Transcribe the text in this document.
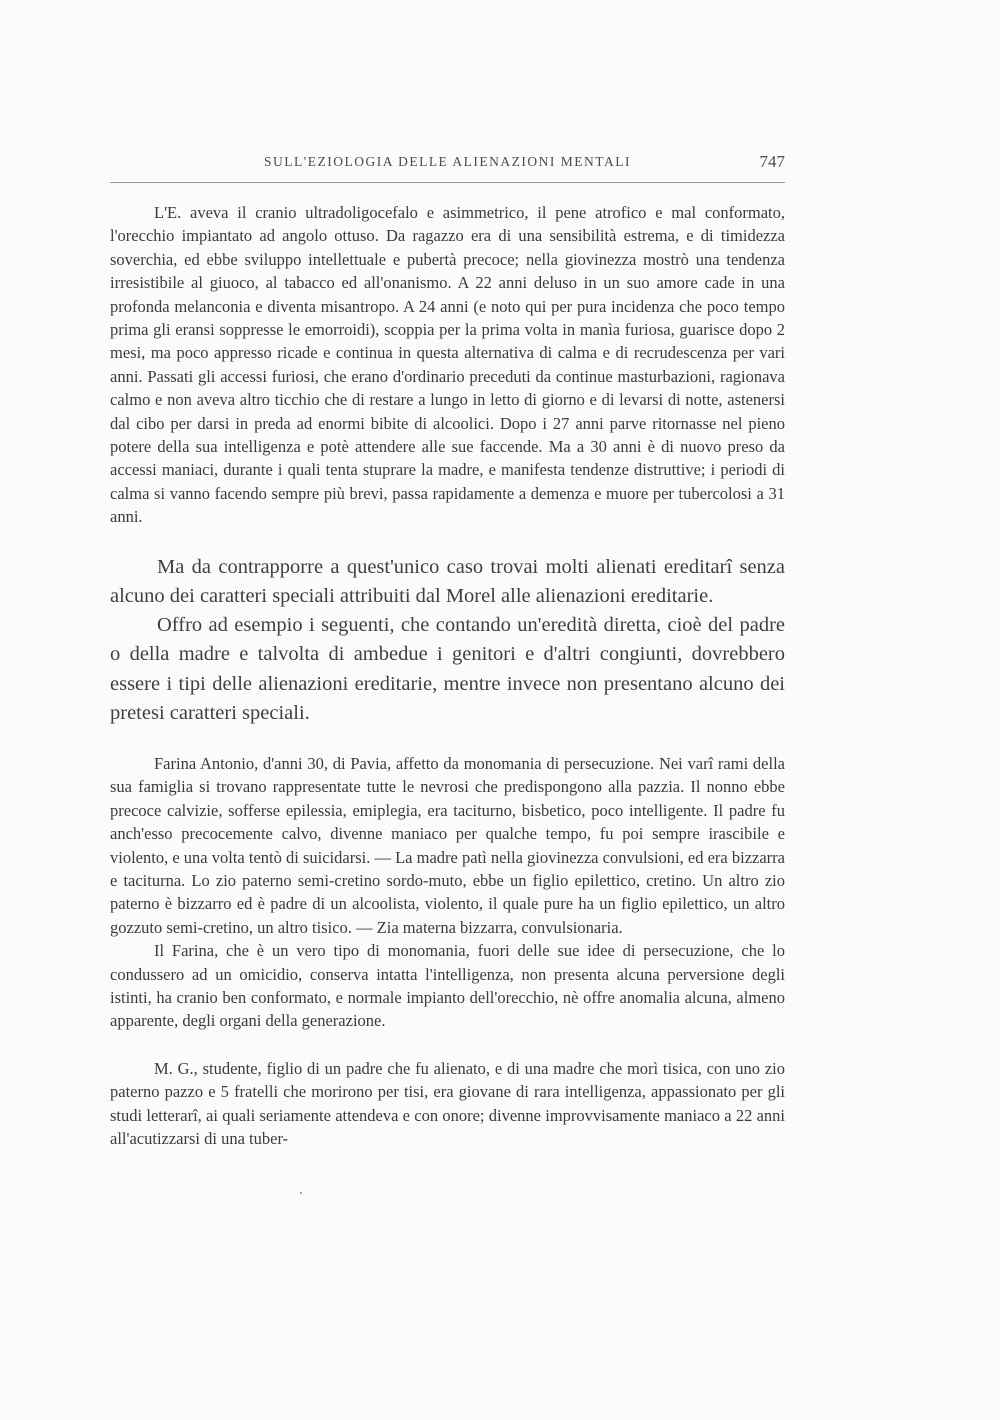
SULL'EZIOLOGIA DELLE ALIENAZIONI MENTALI	747

L'E. aveva il cranio ultradoligocefalo e asimmetrico, il pene atrofico e mal conformato, l'orecchio impiantato ad angolo ottuso. Da ragazzo era di una sensibilità estrema, e di timidezza soverchia, ed ebbe sviluppo intellettuale e pubertà precoce; nella giovinezza mostrò una tendenza irresistibile al giuoco, al tabacco ed all'onanismo. A 22 anni deluso in un suo amore cade in una profonda melanconia e diventa misantropo. A 24 anni (e noto qui per pura incidenza che poco tempo prima gli eransi soppresse le emorroidi), scoppia per la prima volta in manìa furiosa, guarisce dopo 2 mesi, ma poco appresso ricade e continua in questa alternativa di calma e di recrudescenza per vari anni. Passati gli accessi furiosi, che erano d'ordinario preceduti da continue masturbazioni, ragionava calmo e non aveva altro ticchio che di restare a lungo in letto di giorno e di levarsi di notte, astenersi dal cibo per darsi in preda ad enormi bibite di alcoolici. Dopo i 27 anni parve ritornasse nel pieno potere della sua intelligenza e potè attendere alle sue faccende. Ma a 30 anni è di nuovo preso da accessi maniaci, durante i quali tenta stuprare la madre, e manifesta tendenze distruttive; i periodi di calma si vanno facendo sempre più brevi, passa rapidamente a demenza e muore per tubercolosi a 31 anni.

Ma da contrapporre a quest'unico caso trovai molti alienati ereditarî senza alcuno dei caratteri speciali attribuiti dal Morel alle alienazioni ereditarie.

Offro ad esempio i seguenti, che contando un'eredità diretta, cioè del padre o della madre e talvolta di ambedue i genitori e d'altri congiunti, dovrebbero essere i tipi delle alienazioni ereditarie, mentre invece non presentano alcuno dei pretesi caratteri speciali.

Farina Antonio, d'anni 30, di Pavia, affetto da monomania di persecuzione. Nei varî rami della sua famiglia si trovano rappresentate tutte le nevrosi che predispongono alla pazzia. Il nonno ebbe precoce calvizie, sofferse epilessia, emiplegia, era taciturno, bisbetico, poco intelligente. Il padre fu anch'esso precocemente calvo, divenne maniaco per qualche tempo, fu poi sempre irascibile e violento, e una volta tentò di suicidarsi. — La madre patì nella giovinezza convulsioni, ed era bizzarra e taciturna. Lo zio paterno semi-cretino sordo-muto, ebbe un figlio epilettico, cretino. Un altro zio paterno è bizzarro ed è padre di un alcoolista, violento, il quale pure ha un figlio epilettico, un altro gozzuto semi-cretino, un altro tisico. — Zia materna bizzarra, convulsionaria.

Il Farina, che è un vero tipo di monomania, fuori delle sue idee di persecuzione, che lo condussero ad un omicidio, conserva intatta l'intelligenza, non presenta alcuna perversione degli istinti, ha cranio ben conformato, e normale impianto dell'orecchio, nè offre anomalia alcuna, almeno apparente, degli organi della generazione.

M. G., studente, figlio di un padre che fu alienato, e di una madre che morì tisica, con uno zio paterno pazzo e 5 fratelli che morirono per tisi, era giovane di rara intelligenza, appassionato per gli studi letterarî, ai quali seriamente attendeva e con onore; divenne improvvisamente maniaco a 22 anni all'acutizzarsi di una tuber-
